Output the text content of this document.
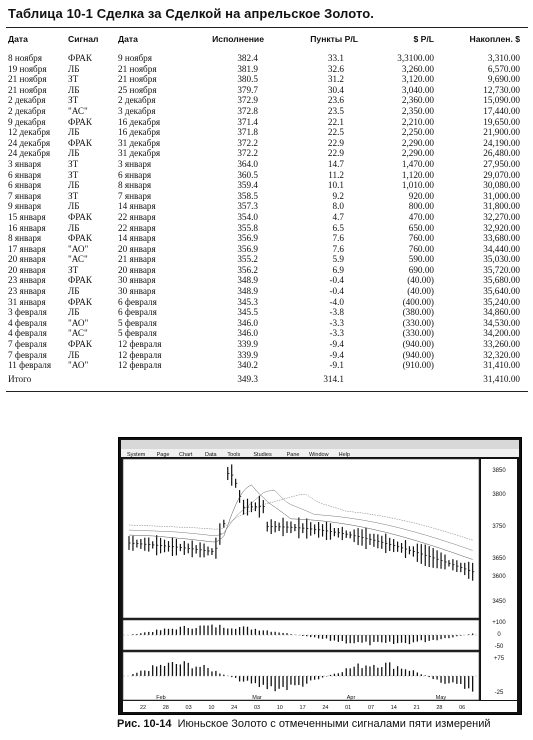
Таблица 10-1 Сделка за Сделкой на апрельское Золото.
Дата	Сигнал	Дата	Исполнение	Пункты Р/L	$ P/L	Накоплен. $
8 ноября	ФРАК	9 ноября	382.4	33.1	3,3100.00	3,310.00
19 ноября	ЛБ	21 ноября	381.9	32.6	3,260.00	6,570.00
21 ноября	ЗТ	21 ноября	380.5	31.2	3,120.00	9,690.00
21 ноября	ЛБ	25 ноября	379.7	30.4	3,040.00	12,730.00
2 декабря	ЗТ	2 декабря	372.9	23.6	2,360.00	15,090.00
2 декабря	"АС"	3 декабря	372.8	23.5	2,350.00	17,440.00
9 декабря	ФРАК	16 декабря	371.4	22.1	2,210.00	19,650.00
12 декабря	ЛБ	16 декабря	371.8	22.5	2,250.00	21,900.00
24 декабря	ФРАК	31 декабря	372.2	22.9	2,290.00	24,190.00
24 декабря	ЛБ	31 декабря	372.2	22.9	2,290.00	26,480.00
3 января	ЗТ	3 января	364.0	14.7	1,470.00	27,950.00
6 января	ЗТ	6 января	360.5	11.2	1,120.00	29,070.00
6 января	ЛБ	8 января	359.4	10.1	1,010.00	30,080.00
7 января	ЗТ	7 января	358.5	9.2	920.00	31,000.00
9 января	ЛБ	14 января	357.3	8.0	800.00	31,800.00
15 января	ФРАК	22 января	354.0	4.7	470.00	32,270.00
16 января	ЛБ	22 января	355.8	6.5	650.00	32,920.00
8 января	ФРАК	14 января	356.9	7.6	760.00	33,680.00
17 января	"АО"	20 января	356.9	7.6	760.00	34,440.00
20 января	"АС"	21 января	355.2	5.9	590.00	35,030.00
20 января	ЗТ	20 января	356.2	6.9	690.00	35,720.00
23 января	ФРАК	30 января	348.9	-0.4	(40.00)	35,680.00
23 января	ЛБ	30 января	348.9	-0.4	(40.00)	35,640.00
31 января	ФРАК	6 февраля	345.3	-4.0	(400.00)	35,240.00
3 февраля	ЛБ	6 февраля	345.5	-3.8	(380.00)	34,860.00
4 февраля	"АО"	5 февраля	346.0	-3.3	(330.00)	34,530.00
4 февраля	"АС"	5 февраля	346.0	-3.3	(330.00)	34,200.00
7 февраля	ФРАК	12 февраля	339.9	-9.4	(940.00)	33,260.00
7 февраля	ЛБ	12 февраля	339.9	-9.4	(940.00)	32,320.00
11 февраля	"АО"	12 февраля	340.2	-9.1	(910.00)	31,410.00
Итого			349.3	314.1		31,410.00
System Page Chart Data Tools Studies	Pane Window Help
3850
3800
3750
3650
3600
3450
+100
0
-50
+75
-25
22	28	03	10	24	03	10	17	24	01	07	14	21	28	06
Feb	Mar	Apr	May
Рис. 10-14 Июньское Золото с отмеченными сигналами пяти измерений
